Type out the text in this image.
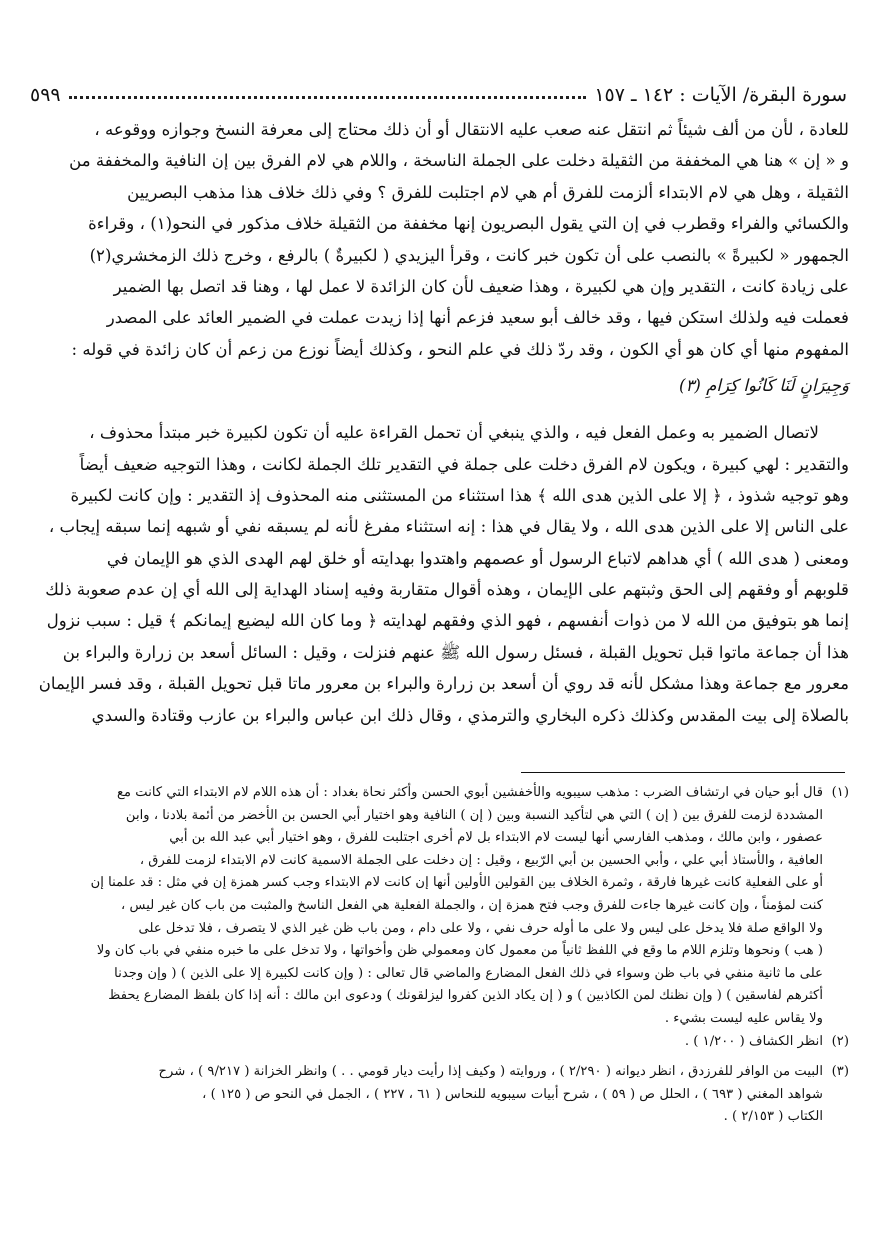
سورة البقرة/ الآيات : ١٤٢ ـ ١٥٧
٥٩٩
للعادة ، لأن من ألف شيئاً ثم انتقل عنه صعب عليه الانتقال أو أن ذلك محتاج إلى معرفة النسخ وجوازه ووقوعه ،
و « إن » هنا هي المخففة من الثقيلة دخلت على الجملة الناسخة ، واللام هي لام الفرق بين إن النافية والمخففة من
الثقيلة ، وهل هي لام الابتداء ألزمت للفرق أم هي لام اجتلبت للفرق ؟ وفي ذلك خلاف هذا مذهب البصريين
والكسائي والفراء وقطرب في إن التي يقول البصريون إنها مخففة من الثقيلة خلاف مذكور في النحو(١) ، وقراءة
الجمهور « لكبيرةً » بالنصب على أن تكون خبر كانت ، وقرأ اليزيدي ( لكبيرةٌ ) بالرفع ، وخرج ذلك الزمخشري(٢)
على زيادة كانت ، التقدير وإن هي لكبيرة ، وهذا ضعيف لأن كان الزائدة لا عمل لها ، وهنا قد اتصل بها الضمير
فعملت فيه ولذلك استكن فيها ، وقد خالف أبو سعيد فزعم أنها إذا زيدت عملت في الضمير العائد على المصدر
المفهوم منها أي كان هو أي الكون ، وقد ردّ ذلك في علم النحو ، وكذلك أيضاً نوزع من زعم أن كان زائدة في قوله :
وَجِيرَانٍ لَنَا كَانُوا كِرَامِ (٣)
لاتصال الضمير به وعمل الفعل فيه ، والذي ينبغي أن تحمل القراءة عليه أن تكون لكبيرة خبر مبتدأ محذوف ،
والتقدير : لهي كبيرة ، ويكون لام الفرق دخلت على جملة في التقدير تلك الجملة لكانت ، وهذا التوجيه ضعيف أيضاً
وهو توجيه شذوذ ، ﴿ إلا على الذين هدى الله ﴾ هذا استثناء من المستثنى منه المحذوف إذ التقدير : وإن كانت لكبيرة
على الناس إلا على الذين هدى الله ، ولا يقال في هذا : إنه استثناء مفرغ لأنه لم يسبقه نفي أو شبهه إنما سبقه إيجاب ،
ومعنى ( هدى الله ) أي هداهم لاتباع الرسول أو عصمهم واهتدوا بهدايته أو خلق لهم الهدى الذي هو الإيمان في
قلوبهم أو وفقهم إلى الحق وثبتهم على الإيمان ، وهذه أقوال متقاربة وفيه إسناد الهداية إلى الله أي إن عدم صعوبة ذلك
إنما هو بتوفيق من الله لا من ذوات أنفسهم ، فهو الذي وفقهم لهدايته ﴿ وما كان الله ليضيع إيمانكم ﴾ قيل : سبب نزول
هذا أن جماعة ماتوا قبل تحويل القبلة ، فسئل رسول الله ﷺ عنهم فنزلت ، وقيل : السائل أسعد بن زرارة والبراء بن
معرور مع جماعة وهذا مشكل لأنه قد روي أن أسعد بن زرارة والبراء بن معرور ماتا قبل تحويل القبلة ، وقد فسر الإيمان
بالصلاة إلى بيت المقدس وكذلك ذكره البخاري والترمذي ، وقال ذلك ابن عباس والبراء بن عازب وقتادة والسدي
(١)
قال أبو حيان في ارتشاف الضرب : مذهب سيبويه والأخفشين أبوي الحسن وأكثر نحاة بغداد : أن هذه اللام لام الابتداء التي كانت مع
المشددة لزمت للفرق بين ( إن ) التي هي لتأكيد النسبة وبين ( إن ) النافية وهو اختيار أبي الحسن بن الأخضر من أئمة بلادنا ، وابن
عصفور ، وابن مالك ، ومذهب الفارسي أنها ليست لام الابتداء بل لام أخرى اجتلبت للفرق ، وهو اختيار أبي عبد الله بن أبي
العافية ، والأستاذ أبي علي ، وأبي الحسين بن أبي الرّبيع ، وقيل : إن دخلت على الجملة الاسمية كانت لام الابتداء لزمت للفرق ،
أو على الفعلية كانت غيرها فارقة ، وثمرة الخلاف بين القولين الأولين أنها إن كانت لام الابتداء وجب كسر همزة إن في مثل : قد علمنا إن
كنت لمؤمناً ، وإن كانت غيرها جاءت للفرق وجب فتح همزة إن ، والجملة الفعلية هي الفعل الناسخ والمثبت من باب كان غير ليس ،
ولا الواقع صلة فلا يدخل على ليس ولا على ما أوله حرف نفي ، ولا على دام ، ومن باب ظن غير الذي لا يتصرف ، فلا تدخل على
( هب ) ونحوها وتلزم اللام ما وقع في اللفظ ثانياً من معمول كان ومعمولي ظن وأخواتها ، ولا تدخل على ما خبره منفي في باب كان ولا
على ما ثانية منفي في باب ظن وسواء في ذلك الفعل المضارع والماضي قال تعالى : ( وإن كانت لكبيرة إلا على الذين ) ( وإن وجدنا
أكثرهم لفاسقين ) ( وإن نظنك لمن الكاذبين ) و ( إن يكاد الذين كفروا ليزلقونك ) ودعوى ابن مالك : أنه إذا كان بلفظ المضارع يحفظ
ولا يقاس عليه ليست بشيء .
(٢)
انظر الكشاف ( ١/٢٠٠ ) .
(٣)
البيت من الوافر للفرزدق ، انظر ديوانه ( ٢/٢٩٠ ) ، وروايته ( وكيف إذا رأيت ديار قومي . . ) وانظر الخزانة ( ٩/٢١٧ ) ، شرح
شواهد المغني ( ٦٩٣ ) ، الحلل ص ( ٥٩ ) ، شرح أبيات سيبويه للنحاس ( ٦١ ، ٢٢٧ ) ، الجمل في النحو ص ( ١٢٥ ) ،
الكتاب ( ٢/١٥٣ ) .
